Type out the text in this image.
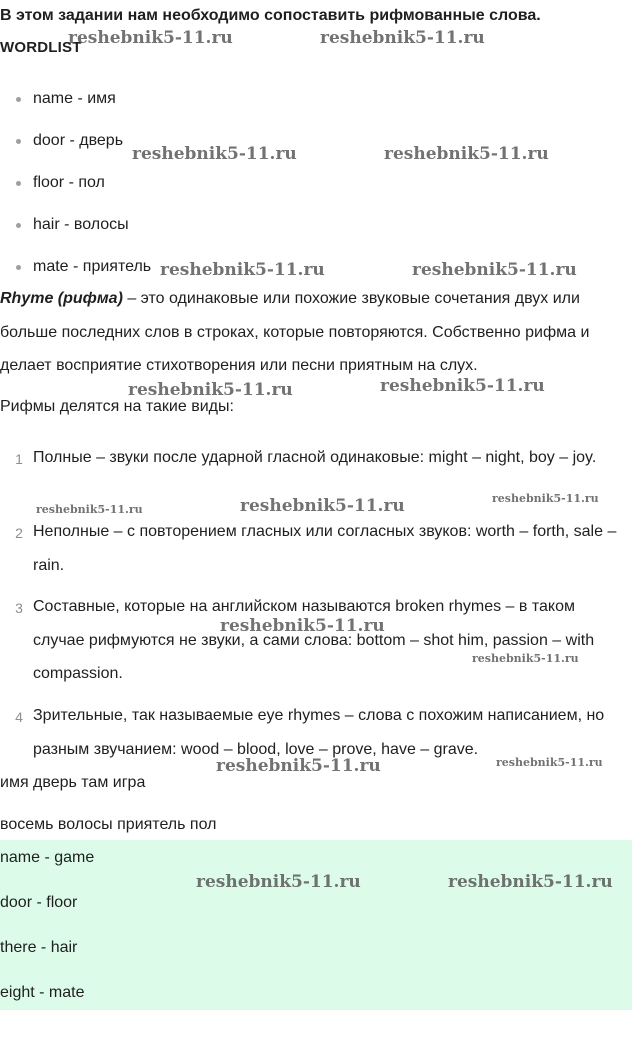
В этом задании нам необходимо сопоставить рифмованные слова.
WORDLIST
name - имя
door - дверь
floor - пол
hair - волосы
mate - приятель
Rhyme (рифма) – это одинаковые или похожие звуковые сочетания двух или больше последних слов в строках, которые повторяются. Собственно рифма и делает восприятие стихотворения или песни приятным на слух.
Рифмы делятся на такие виды:
1 Полные – звуки после ударной гласной одинаковые: might – night, boy – joy.
2 Неполные – с повторением гласных или согласных звуков: worth – forth, sale – rain.
3 Составные, которые на английском называются broken rhymes – в таком случае рифмуются не звуки, а сами слова: bottom – shot him, passion – with compassion.
4 Зрительные, так называемые eye rhymes – слова с похожим написанием, но разным звучанием: wood – blood, love – prove, have – grave.
имя дверь там игра
восемь волосы приятель пол
name - game
door - floor
there - hair
eight - mate
reshebnik5-11.ru	reshebnik5-11.ru
reshebnik5-11.ru	reshebnik5-11.ru
reshebnik5-11.ru	reshebnik5-11.ru
reshebnik5-11.ru	reshebnik5-11.ru
reshebnik5-11.ru	reshebnik5-11.ru	reshebnik5-11.ru
reshebnik5-11.ru
reshebnik5-11.ru
reshebnik5-11.ru	reshebnik5-11.ru
reshebnik5-11.ru	reshebnik5-11.ru
